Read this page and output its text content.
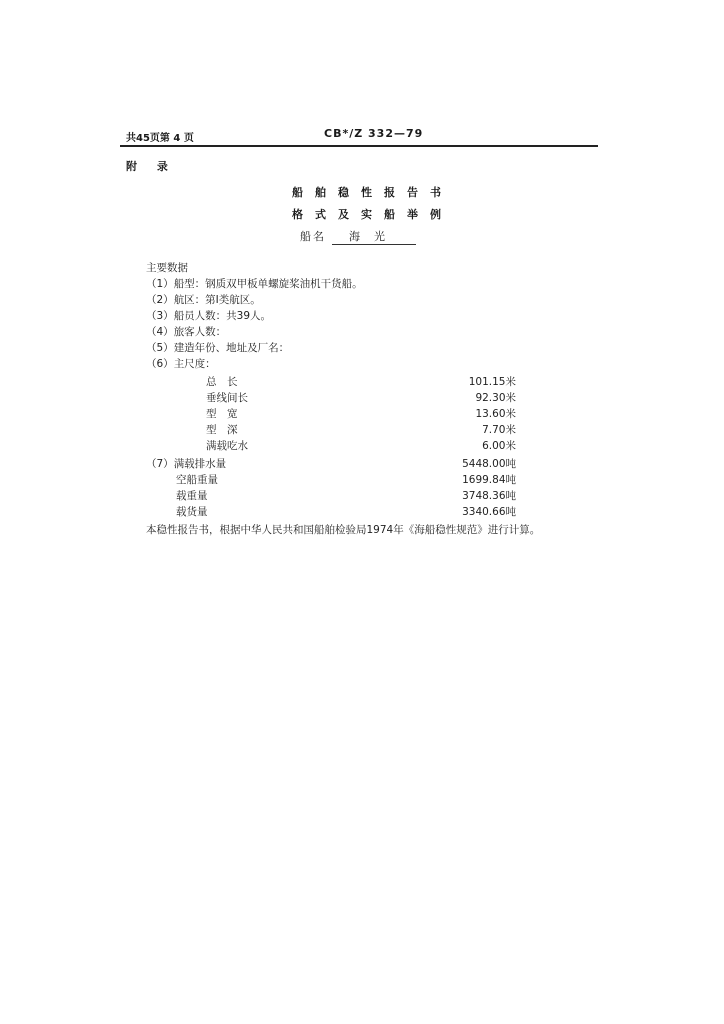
共45页第 4 页	CB*/Z 332—79
附 录
船舶稳性报告书
格式及实船举例
船名 海光
主要数据
（1）船型：钢质双甲板单螺旋桨油机干货船。
（2）航区：第Ⅰ类航区。
（3）船员人数：共39人。
（4）旅客人数：
（5）建造年份、地址及厂名：
（6）主尺度：
总　长	101.15米
垂线间长	92.30米
型　宽	13.60米
型　深	7.70米
满载吃水	6.00米
（7）满载排水量	5448.00吨
空船重量	1699.84吨
载重量	3748.36吨
载货量	3340.66吨
本稳性报告书，根据中华人民共和国船舶检验局1974年《海船稳性规范》进行计算。
